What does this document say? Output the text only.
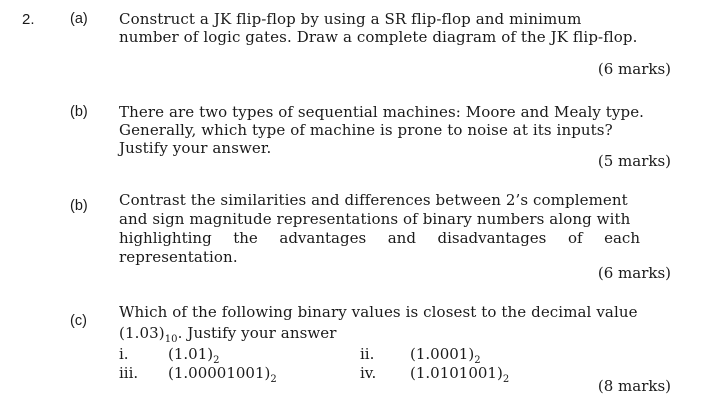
2. (a) Construct a JK flip-flop by using a SR flip-flop and minimum
number of logic gates. Draw a complete diagram of the JK flip-flop.
(6 marks)
(b) There are two types of sequential machines: Moore and Mealy type.
Generally, which type of machine is prone to noise at its inputs?
Justify your answer.
(5 marks)
(b) Contrast the similarities and differences between 2’s complement
and sign magnitude representations of binary numbers along with
highlighting the advantages and disadvantages of each
representation.
(6 marks)
(c) Which of the following binary values is closest to the decimal value
$(1.03)_{10}$. Justify your answer
i.	$(1.01)_2$	ii. $(1.0001)_2$
iii. $(1.00001001)_2$	iv. $(1.0101001)_2$	(8 marks)
